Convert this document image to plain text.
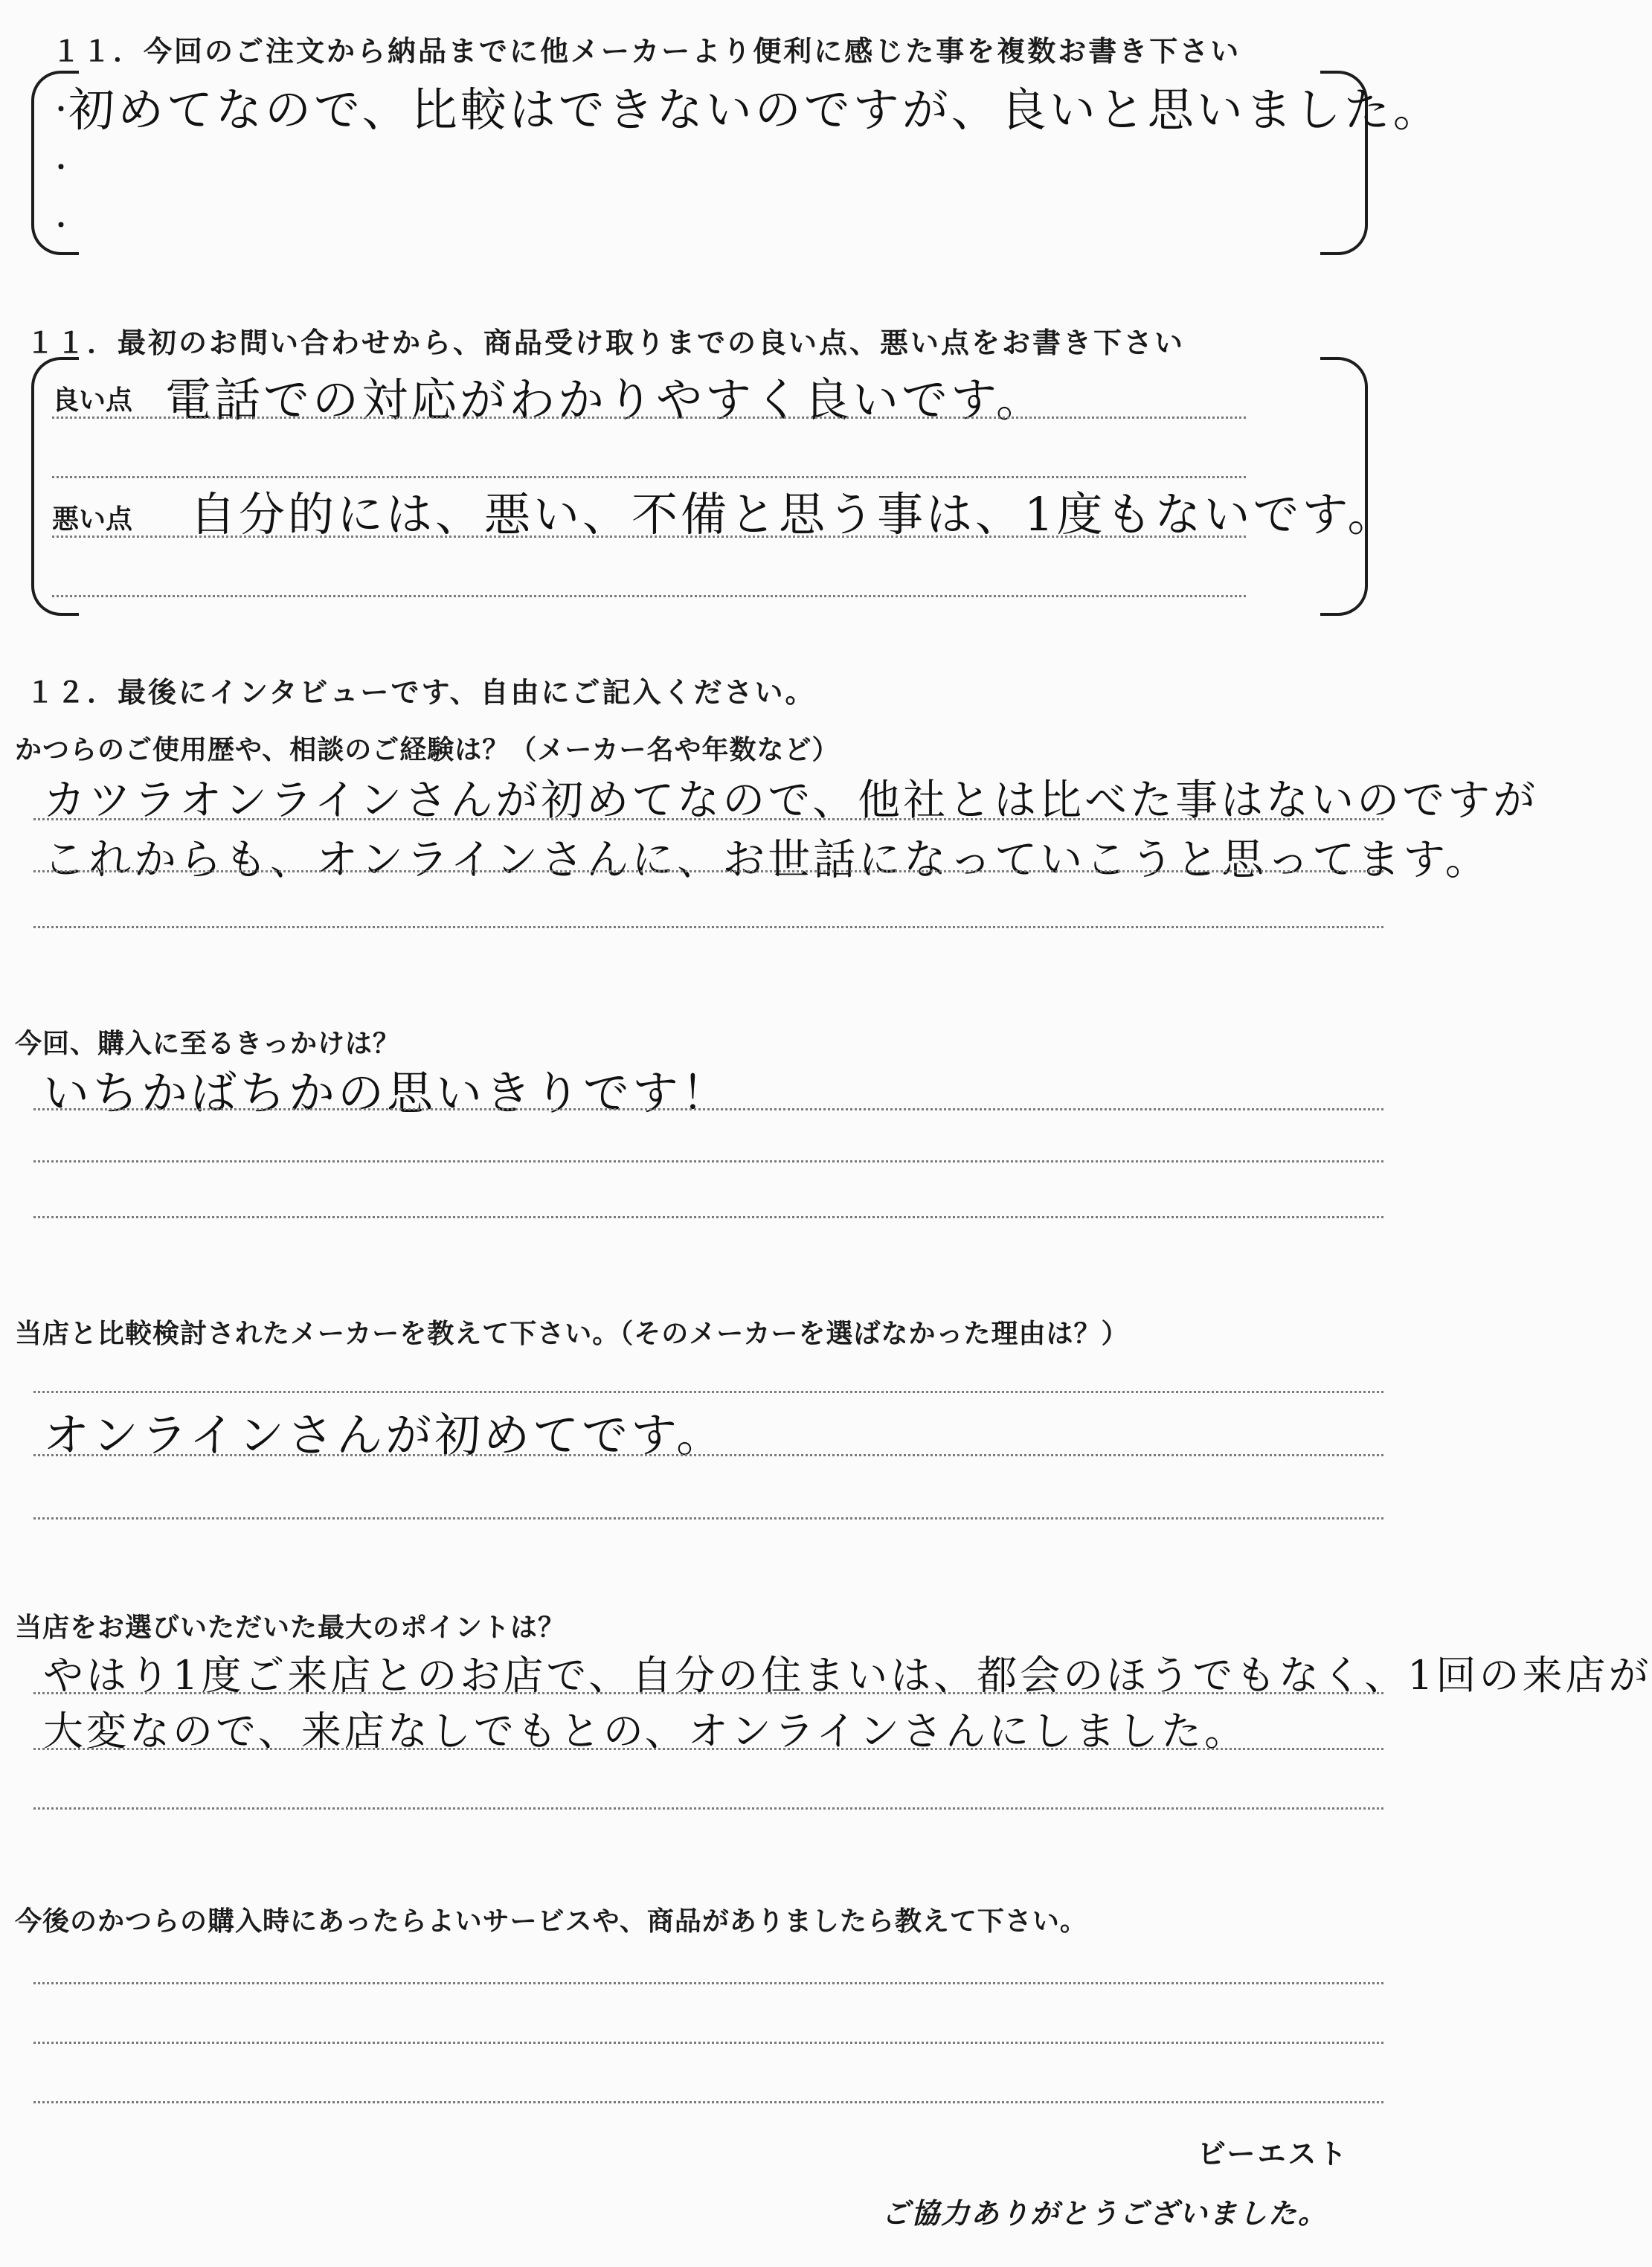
１１．今回のご注文から納品までに他メーカーより便利に感じた事を複数お書き下さい
・
・
・
初めてなので、比較はできないのですが、良いと思いました。
１１．最初のお問い合わせから、商品受け取りまでの良い点、悪い点をお書き下さい
良い点 電話での対応がわかりやすく良いです。
悪い点 自分的には、悪い、不備と思う事は、1度もないです。
１２．最後にインタビューです、自由にご記入ください。
かつらのご使用歴や、相談のご経験は？（メーカー名や年数など）
カツラオンラインさんが初めてなので、他社とは比べた事はないのですが
これからも、オンラインさんに、お世話になっていこうと思ってます。
今回、購入に至るきっかけは？
いちかばちかの思いきりです！
当店と比較検討されたメーカーを教えて下さい。（そのメーカーを選ばなかった理由は？）
オンラインさんが初めてです。
当店をお選びいただいた最大のポイントは？
やはり1度ご来店とのお店で、自分の住まいは、都会のほうでもなく、1回の来店が
大変なので、来店なしでもとの、オンラインさんにしました。
今後のかつらの購入時にあったらよいサービスや、商品がありましたら教えて下さい。
ビーエスト
ご協力ありがとうございました。
